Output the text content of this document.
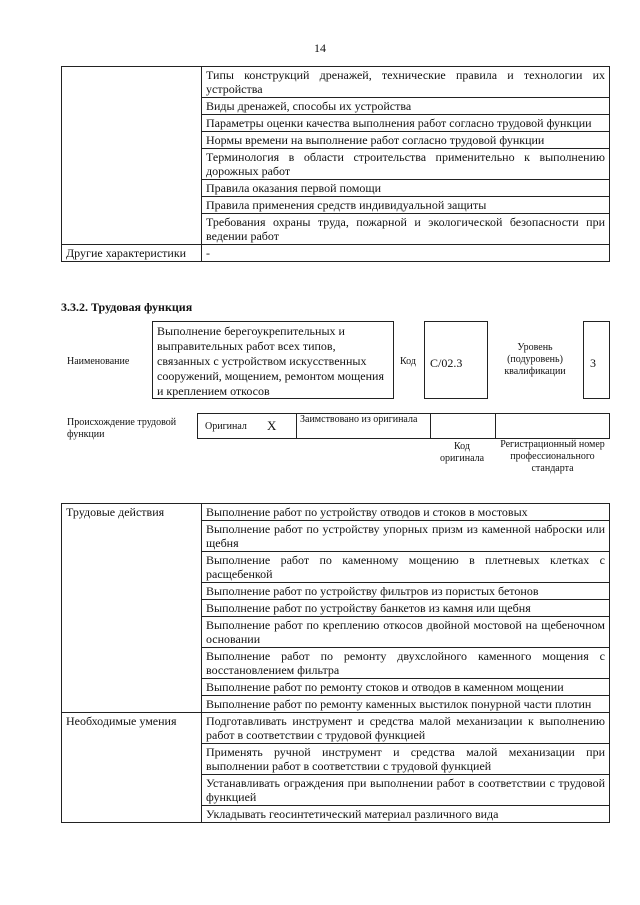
14
	Типы конструкций дренажей, технические правила и технологии их устройства
	Виды дренажей, способы их устройства
	Параметры оценки качества выполнения работ согласно трудовой функции
	Нормы времени на выполнение работ согласно трудовой функции
	Терминология в области строительства применительно к выполнению дорожных работ
	Правила оказания первой помощи
	Правила применения средств индивидуальной защиты
	Требования охраны труда, пожарной и экологической безопасности при ведении работ
Другие характеристики	-
3.3.2. Трудовая функция
Наименование
Выполнение берегоукрепительных и выправительных работ всех типов, связанных с устройством искусственных сооружений, мощением, ремонтом мощения и креплением откосов
Код С/02.3
Уровень (подуровень) квалификации
3
Происхождение трудовой функции
Оригинал X Заимствовано из оригинала
Код оригинала
Регистрационный номер профессионального стандарта
Трудовые действия	Выполнение работ по устройству отводов и стоков в мостовых
	Выполнение работ по устройству упорных призм из каменной наброски или щебня
	Выполнение работ по каменному мощению в плетневых клетках с расщебенкой
	Выполнение работ по устройству фильтров из пористых бетонов
	Выполнение работ по устройству банкетов из камня или щебня
	Выполнение работ по креплению откосов двойной мостовой на щебеночном основании
	Выполнение работ по ремонту двухслойного каменного мощения с восстановлением фильтра
	Выполнение работ по ремонту стоков и отводов в каменном мощении
	Выполнение работ по ремонту каменных выстилок понурной части плотин
Необходимые умения	Подготавливать инструмент и средства малой механизации к выполнению работ в соответствии с трудовой функцией
	Применять ручной инструмент и средства малой механизации при выполнении работ в соответствии с трудовой функцией
	Устанавливать ограждения при выполнении работ в соответствии с трудовой функцией
	Укладывать геосинтетический материал различного вида
